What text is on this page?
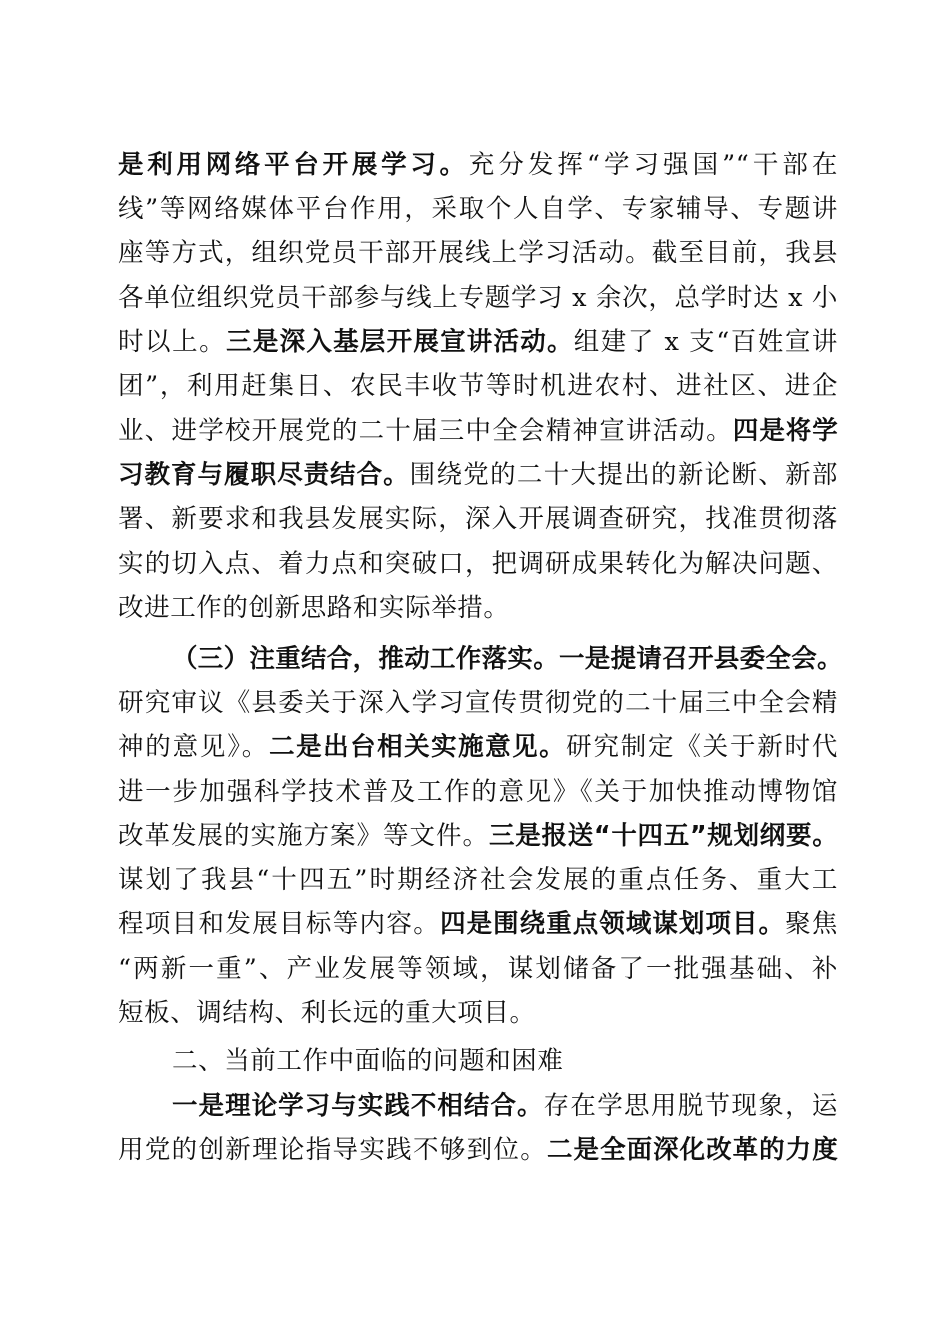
是利用网络平台开展学习。充分发挥“学习强国”“干部在
线”等网络媒体平台作用，采取个人自学、专家辅导、专题讲
座等方式，组织党员干部开展线上学习活动。截至目前，我县
各单位组织党员干部参与线上专题学习 x 余次，总学时达 x 小
时以上。三是深入基层开展宣讲活动。组建了 x 支“百姓宣讲
团”，利用赶集日、农民丰收节等时机进农村、进社区、进企
业、进学校开展党的二十届三中全会精神宣讲活动。四是将学
习教育与履职尽责结合。围绕党的二十大提出的新论断、新部
署、新要求和我县发展实际，深入开展调查研究，找准贯彻落
实的切入点、着力点和突破口，把调研成果转化为解决问题、
改进工作的创新思路和实际举措。
（三）注重结合，推动工作落实。一是提请召开县委全会。
研究审议《县委关于深入学习宣传贯彻党的二十届三中全会精
神的意见》。二是出台相关实施意见。研究制定《关于新时代
进一步加强科学技术普及工作的意见》《关于加快推动博物馆
改革发展的实施方案》等文件。三是报送“十四五”规划纲要。
谋划了我县“十四五”时期经济社会发展的重点任务、重大工
程项目和发展目标等内容。四是围绕重点领域谋划项目。聚焦
“两新一重”、产业发展等领域，谋划储备了一批强基础、补
短板、调结构、利长远的重大项目。
二、当前工作中面临的问题和困难
一是理论学习与实践不相结合。存在学思用脱节现象，运
用党的创新理论指导实践不够到位。二是全面深化改革的力度
